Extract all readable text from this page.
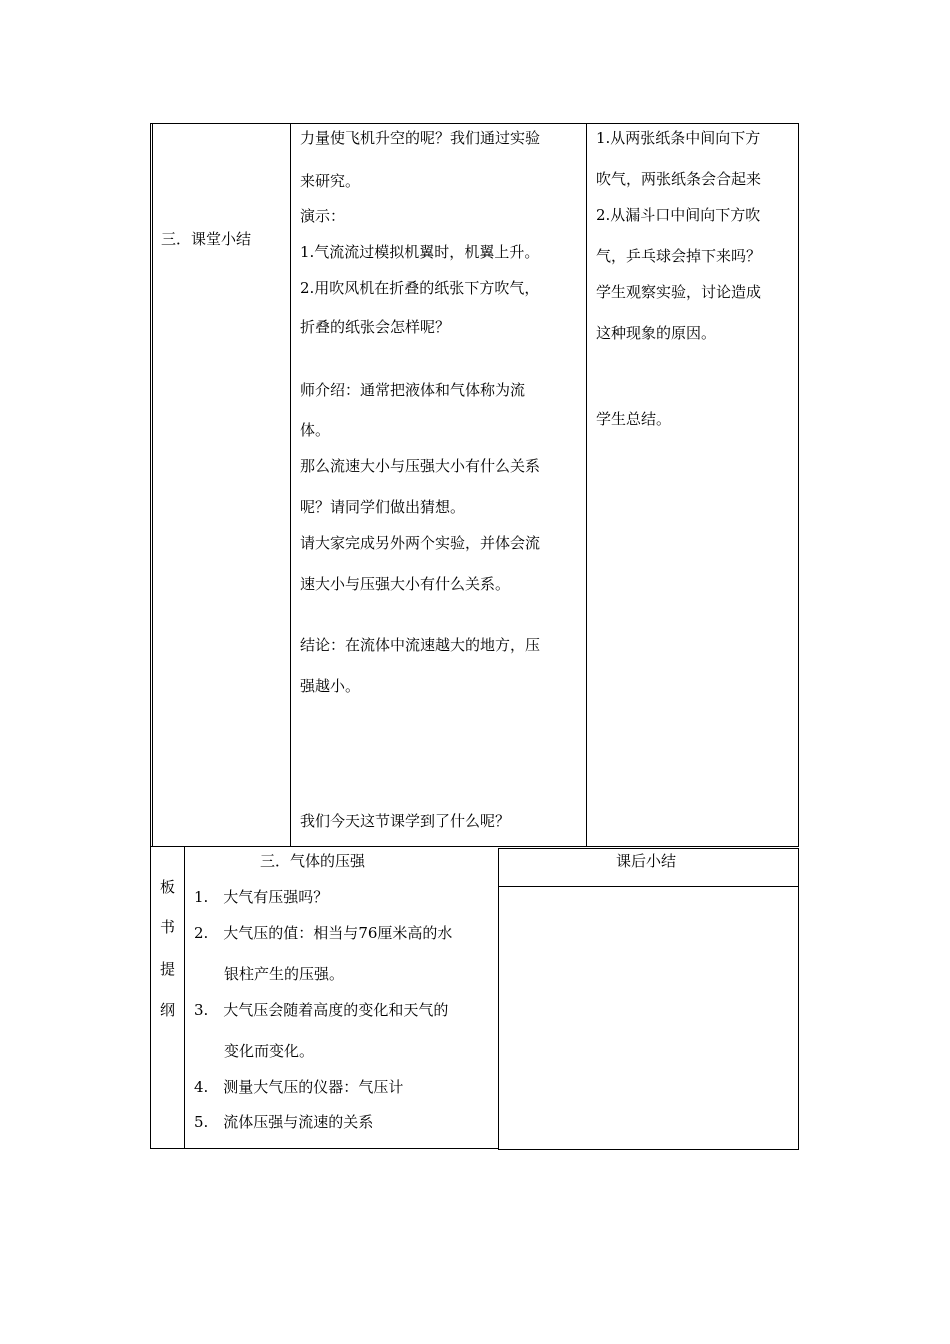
三．课堂小结
力量使飞机升空的呢？我们通过实验
来研究。
演示：
1.气流流过模拟机翼时，机翼上升。
2.用吹风机在折叠的纸张下方吹气，
折叠的纸张会怎样呢？
师介绍：通常把液体和气体称为流
体。
那么流速大小与压强大小有什么关系
呢？请同学们做出猜想。
请大家完成另外两个实验，并体会流
速大小与压强大小有什么关系。
结论：在流体中流速越大的地方，压
强越小。
我们今天这节课学到了什么呢？
1.从两张纸条中间向下方
吹气，两张纸条会合起来
2.从漏斗口中间向下方吹
气，乒乓球会掉下来吗？
学生观察实验，讨论造成
这种现象的原因。
学生总结。
板
书
提
纲
三．气体的压强
1.　大气有压强吗？
2.　大气压的值：相当与76厘米高的水
银柱产生的压强。
3.　大气压会随着高度的变化和天气的
变化而变化。
4.　测量大气压的仪器：气压计
5.　流体压强与流速的关系
课后小结
